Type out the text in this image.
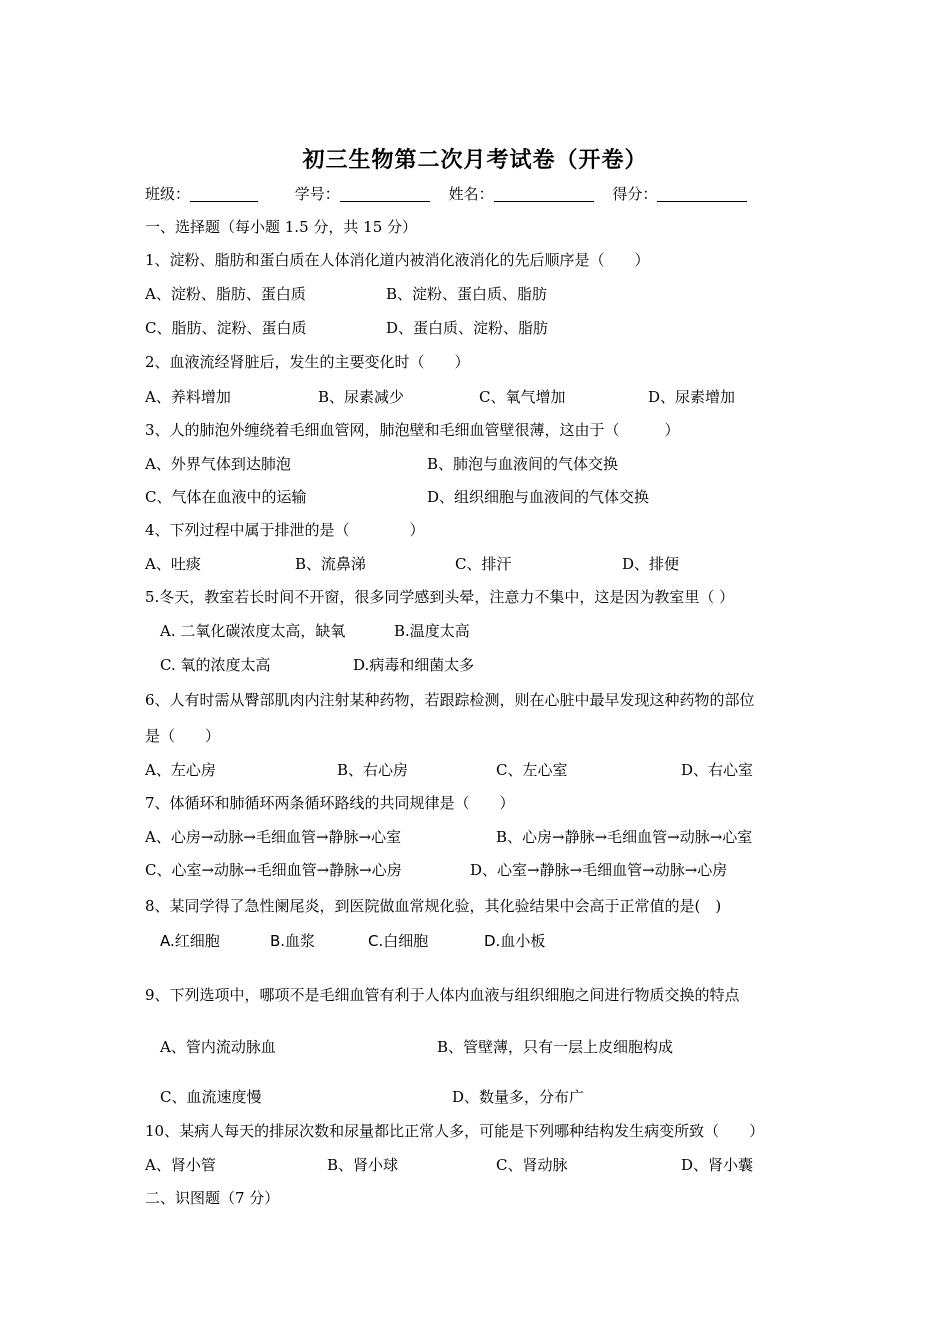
初三生物第二次月考试卷（开卷）
班级：	学号：	姓名：	得分：
一、选择题（每小题 1.5 分，共 15 分）
1、淀粉、脂肪和蛋白质在人体消化道内被消化液消化的先后顺序是（　　）
A、淀粉、脂肪、蛋白质	B、淀粉、蛋白质、脂肪
C、脂肪、淀粉、蛋白质	D、蛋白质、淀粉、脂肪
2、血液流经肾脏后，发生的主要变化时（　　）
A、养料增加	B、尿素减少	C、氧气增加	D、尿素增加
3、人的肺泡外缠绕着毛细血管网，肺泡壁和毛细血管壁很薄，这由于（　　　）
A、外界气体到达肺泡	B、肺泡与血液间的气体交换
C、气体在血液中的运输	D、组织细胞与血液间的气体交换
4、下列过程中属于排泄的是（　　　　）
A、吐痰	B、流鼻涕	C、排汗	D、排便
5.冬天，教室若长时间不开窗，很多同学感到头晕，注意力不集中，这是因为教室里（ ）
A. 二氧化碳浓度太高，缺氧	B.温度太高
C. 氧的浓度太高	D.病毒和细菌太多
6、人有时需从臀部肌肉内注射某种药物，若跟踪检测，则在心脏中最早发现这种药物的部位
是（　　）
A、左心房	B、右心房	C、左心室	D、右心室
7、体循环和肺循环两条循环路线的共同规律是（　　）
A、心房→动脉→毛细血管→静脉→心室	B、心房→静脉→毛细血管→动脉→心室
C、心室→动脉→毛细血管→静脉→心房	D、心室→静脉→毛细血管→动脉→心房
8、某同学得了急性阑尾炎，到医院做血常规化验，其化验结果中会高于正常值的是(　)
A.红细胞	B.血浆	C.白细胞	D.血小板
9、下列选项中，哪项不是毛细血管有利于人体内血液与组织细胞之间进行物质交换的特点
A、管内流动脉血	B、管壁薄，只有一层上皮细胞构成
C、血流速度慢	D、数量多，分布广
10、某病人每天的排尿次数和尿量都比正常人多，可能是下列哪种结构发生病变所致（　　）
A、肾小管	B、肾小球	C、肾动脉	D、肾小囊
二、识图题（7 分）
